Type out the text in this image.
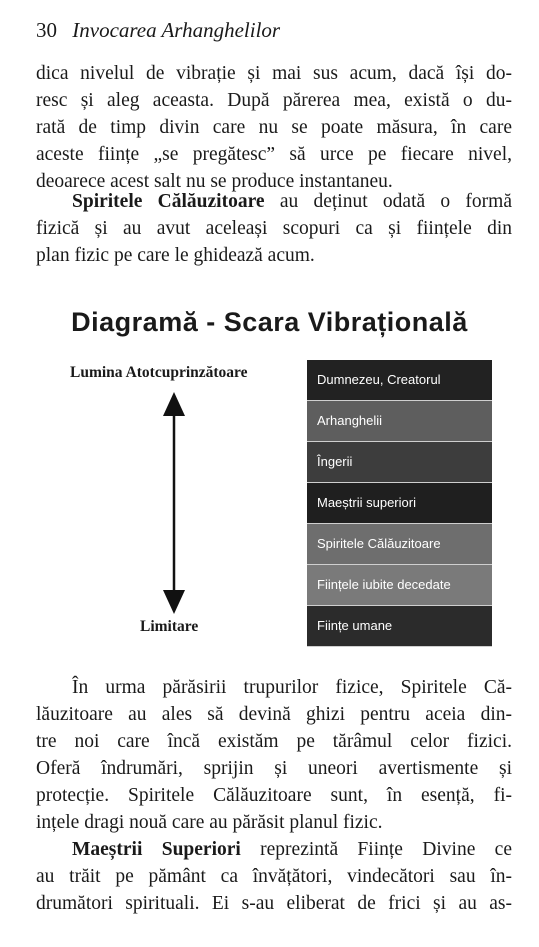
30 Invocarea Arhanghelilor
dica nivelul de vibrație și mai sus acum, dacă își do-
resc și aleg aceasta. După părerea mea, există o du-
rată de timp divin care nu se poate măsura, în care
aceste ființe „se pregătesc” să urce pe fiecare nivel,
deoarece acest salt nu se produce instantaneu.
Spiritele Călăuzitoare au deținut odată o formă
fizică și au avut aceleași scopuri ca și ființele din
plan fizic pe care le ghidează acum.
Diagramă - Scara Vibrațională
Lumina Atotcuprinzătoare
Limitare
Dumnezeu, Creatorul
Arhanghelii
Îngerii
Maeștrii superiori
Spiritele Călăuzitoare
Ființele iubite decedate
Ființe umane
În urma părăsirii trupurilor fizice, Spiritele Că-
lăuzitoare au ales să devină ghizi pentru aceia din-
tre noi care încă existăm pe tărâmul celor fizici.
Oferă îndrumări, sprijin și uneori avertismente și
protecție. Spiritele Călăuzitoare sunt, în esență, fi-
ințele dragi nouă care au părăsit planul fizic.
Maeștrii Superiori reprezintă Ființe Divine ce
au trăit pe pământ ca învățători, vindecători sau în-
drumători spirituali. Ei s-au eliberat de frici și au as-
